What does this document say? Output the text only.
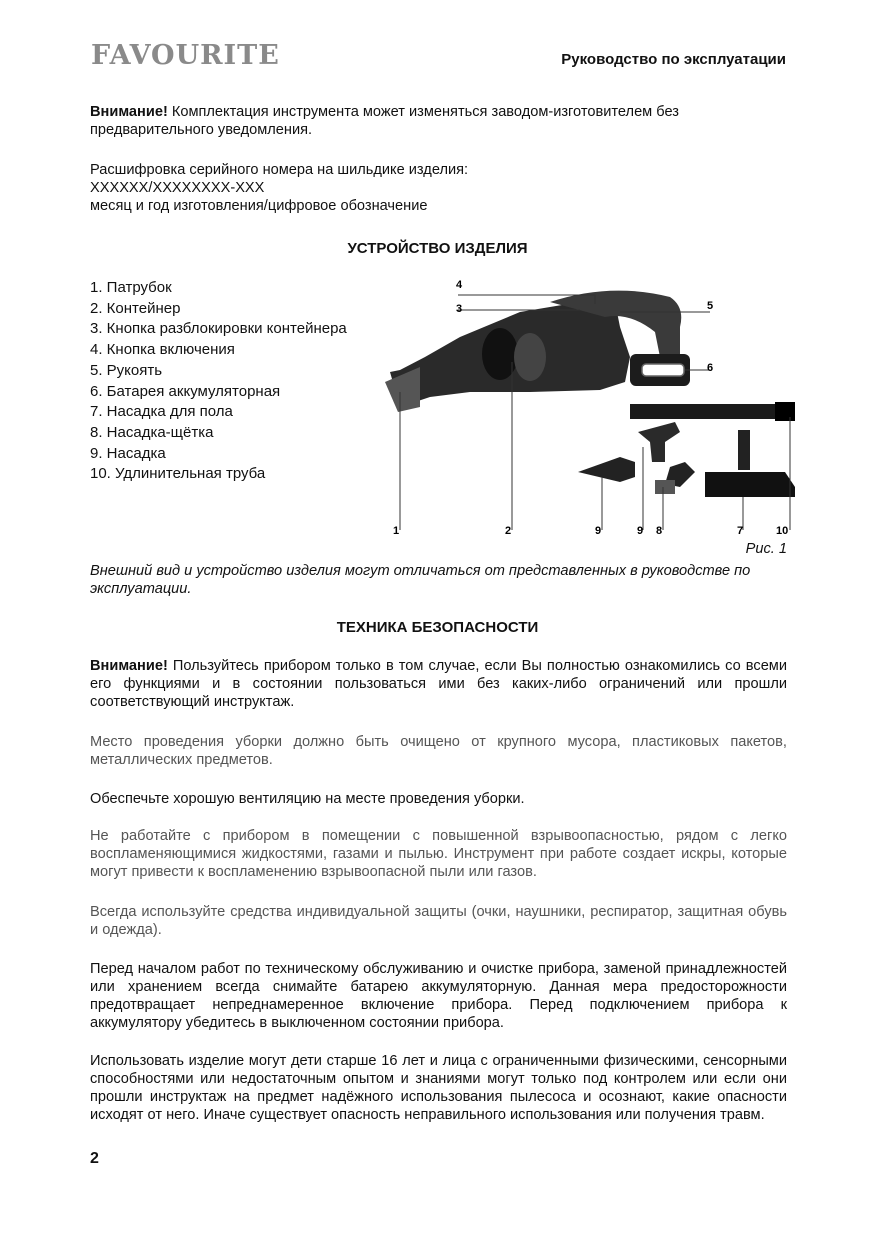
FAVOURITE	Руководство по эксплуатации
Внимание! Комплектация инструмента может изменяться заводом-изготовителем без предварительного уведомления.
Расшифровка серийного номера на шильдике изделия:
XXXXXX/XXXXXXXX-XXX
месяц и год изготовления/цифровое обозначение
УСТРОЙСТВО ИЗДЕЛИЯ
1. Патрубок
2. Контейнер
3. Кнопка разблокировки контейнера
4. Кнопка включения
5. Рукоять
6. Батарея аккумуляторная
7. Насадка для пола
8. Насадка-щётка
9. Насадка
10. Удлинительная труба
4
3	5
6
1	2	9	9 8	7	10
Рис. 1
Внешний вид и устройство изделия могут отличаться от представленных в руководстве по эксплуатации.
ТЕХНИКА БЕЗОПАСНОСТИ
Внимание! Пользуйтесь прибором только в том случае, если Вы полностью ознакомились со всеми его функциями и в состоянии пользоваться ими без каких-либо ограничений или прошли соответствующий инструктаж.
Место проведения уборки должно быть очищено от крупного мусора, пластиковых пакетов, металлических предметов.
Обеспечьте хорошую вентиляцию на месте проведения уборки.
Не работайте с прибором в помещении с повышенной взрывоопасностью, рядом с легко воспламеняющимися жидкостями, газами и пылью. Инструмент при работе создает искры, которые могут привести к воспламенению взрывоопасной пыли или газов.
Всегда используйте средства индивидуальной защиты (очки, наушники, респиратор, защитная обувь и одежда).
Перед началом работ по техническому обслуживанию и очистке прибора, заменой принадлежностей или хранением всегда снимайте батарею аккумуляторную. Данная мера предосторожности предотвращает непреднамеренное включение прибора. Перед подключением прибора к аккумулятору убедитесь в выключенном состоянии прибора.
Использовать изделие могут дети старше 16 лет и лица с ограниченными физическими, сенсорными способностями или недостаточным опытом и знаниями могут только под контролем или если они прошли инструктаж на предмет надёжного использования пылесоса и осознают, какие опасности исходят от него. Иначе существует опасность неправильного использования или получения травм.
2
